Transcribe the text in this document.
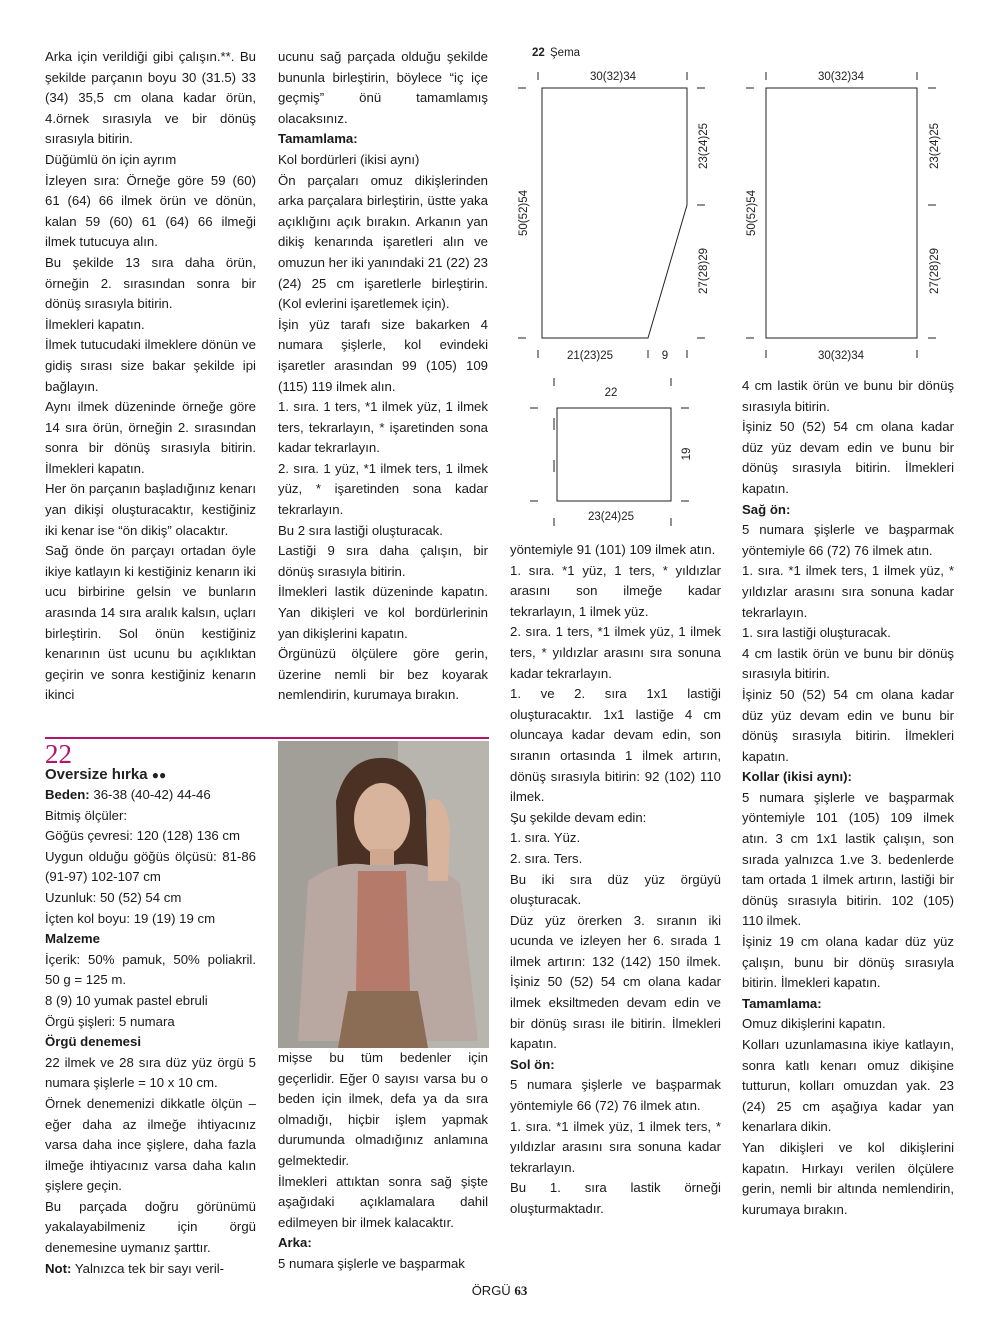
Arka için verildiği gibi çalışın.**. Bu şekilde parçanın boyu 30 (31.5) 33 (34) 35,5 cm olana kadar örün, 4.örnek sırasıyla ve bir dönüş sırasıyla bitirin.

Düğümlü ön için ayrım

İzleyen sıra: Örneğe göre 59 (60) 61 (64) 66 ilmek örün ve dönün, kalan 59 (60) 61 (64) 66 ilmeği ilmek tutucuya alın.

Bu şekilde 13 sıra daha örün, örneğin 2. sırasından sonra bir dönüş sırasıyla bitirin.

İlmekleri kapatın.

İlmek tutucudaki ilmeklere dönün ve gidiş sırası size bakar şekilde ipi bağlayın.

Aynı ilmek düzeninde örneğe göre 14 sıra örün, örneğin 2. sırasından sonra bir dönüş sırasıyla bitirin. İlmekleri kapatın.

Her ön parçanın başladığınız kenarı yan dikişi oluşturacaktır, kestiğiniz iki kenar ise “ön dikiş” olacaktır.

Sağ önde ön parçayı ortadan öyle ikiye katlayın ki kestiğiniz kenarın iki ucu birbirine gelsin ve bunların arasında 14 sıra aralık kalsın, uçları birleştirin. Sol önün kestiğiniz kenarının üst ucunu bu açıklıktan geçirin ve sonra kestiğiniz kenarın ikinci

ucunu sağ parçada olduğu şekilde bununla birleştirin, böylece “iç içe geçmiş” önü tamamlamış olacaksınız.

Tamamlama:

Kol bordürleri (ikisi aynı)

Ön parçaları omuz dikişlerinden arka parçalara birleştirin, üstte yaka açıklığını açık bırakın. Arkanın yan dikiş kenarında işaretleri alın ve omuzun her iki yanındaki 21 (22) 23 (24) 25 cm işaretlerle birleştirin. (Kol evlerini işaretlemek için).

İşin yüz tarafı size bakarken 4 numara şişlerle, kol evindeki işaretler arasından 99 (105) 109 (115) 119 ilmek alın.

1. sıra. 1 ters, *1 ilmek yüz, 1 ilmek ters, tekrarlayın, * işaretinden sona kadar tekrarlayın.

2. sıra. 1 yüz, *1 ilmek ters, 1 ilmek yüz, * işaretinden sona kadar tekrarlayın.

Bu 2 sıra lastiği oluşturacak.

Lastiği 9 sıra daha çalışın, bir dönüş sırasıyla bitirin.

İlmekleri lastik düzeninde kapatın. Yan dikişleri ve kol bordürlerinin yan dikişlerini kapatın.

Örgünüzü ölçülere göre gerin, üzerine nemli bir bez koyarak nemlendirin, kurumaya bırakın.

22 Şema
30(32)34
50(52)54
23(24)25
27(28)29
21(23)25	9
30(32)34
50(52)54
23(24)25
27(28)29
30(32)34
22
19
23(24)25
22
Oversize hırka ●●

Beden: 36-38 (40-42) 44-46

Bitmiş ölçüler:

Göğüs çevresi: 120 (128) 136 cm

Uygun olduğu göğüs ölçüsü: 81-86 (91-97) 102-107 cm

Uzunluk: 50 (52) 54 cm

İçten kol boyu: 19 (19) 19 cm

Malzeme

İçerik: 50% pamuk, 50% poliakril. 50 g = 125 m.

8 (9) 10 yumak pastel ebruli

Örgü şişleri: 5 numara

Örgü denemesi

22 ilmek ve 28 sıra düz yüz örgü 5 numara şişlerle = 10 x 10 cm.

Örnek denemenizi dikkatle ölçün – eğer daha az ilmeğe ihtiyacınız varsa daha ince şişlere, daha fazla ilmeğe ihtiyacınız varsa daha kalın şişlere geçin.

Bu parçada doğru görünümü yakalayabilmeniz için örgü denemesine uymanız şarttır.

Not: Yalnızca tek bir sayı veril-

mişse bu tüm bedenler için geçerlidir. Eğer 0 sayısı varsa bu o beden için ilmek, defa ya da sıra olmadığı, hiçbir işlem yapmak durumunda olmadığınız anlamına gelmektedir.

İlmekleri attıktan sonra sağ şişte aşağıdaki açıklamalara dahil edilmeyen bir ilmek kalacaktır.

Arka:

5 numara şişlerle ve başparmak

yöntemiyle 91 (101) 109 ilmek atın.

1. sıra. *1 yüz, 1 ters, * yıldızlar arasını son ilmeğe kadar tekrarlayın, 1 ilmek yüz.

2. sıra. 1 ters, *1 ilmek yüz, 1 ilmek ters, * yıldızlar arasını sıra sonuna kadar tekrarlayın.

1. ve 2. sıra 1x1 lastiği oluşturacaktır. 1x1 lastiğe 4 cm oluncaya kadar devam edin, son sıranın ortasında 1 ilmek artırın, dönüş sırasıyla bitirin: 92 (102) 110 ilmek.

Şu şekilde devam edin:

1. sıra. Yüz.

2. sıra. Ters.

Bu iki sıra düz yüz örgüyü oluşturacak.

Düz yüz örerken 3. sıranın iki ucunda ve izleyen her 6. sırada 1 ilmek artırın: 132 (142) 150 ilmek. İşiniz 50 (52) 54 cm olana kadar ilmek eksiltmeden devam edin ve bir dönüş sırası ile bitirin. İlmekleri kapatın.

Sol ön:

5 numara şişlerle ve başparmak yöntemiyle 66 (72) 76 ilmek atın.

1. sıra. *1 ilmek yüz, 1 ilmek ters, * yıldızlar arasını sıra sonuna kadar tekrarlayın.

Bu 1. sıra lastik örneği oluşturmaktadır.

4 cm lastik örün ve bunu bir dönüş sırasıyla bitirin.

İşiniz 50 (52) 54 cm olana kadar düz yüz devam edin ve bunu bir dönüş sırasıyla bitirin. İlmekleri kapatın.

Sağ ön:

5 numara şişlerle ve başparmak yöntemiyle 66 (72) 76 ilmek atın.

1. sıra. *1 ilmek ters, 1 ilmek yüz, * yıldızlar arasını sıra sonuna kadar tekrarlayın.

1. sıra lastiği oluşturacak.

4 cm lastik örün ve bunu bir dönüş sırasıyla bitirin.

İşiniz 50 (52) 54 cm olana kadar düz yüz devam edin ve bunu bir dönüş sırasıyla bitirin. İlmekleri kapatın.

Kollar (ikisi aynı):

5 numara şişlerle ve başparmak yöntemiyle 101 (105) 109 ilmek atın. 3 cm 1x1 lastik çalışın, son sırada yalnızca 1.ve 3. bedenlerde tam ortada 1 ilmek artırın, lastiği bir dönüş sırasıyla bitirin. 102 (105) 110 ilmek.

İşiniz 19 cm olana kadar düz yüz çalışın, bunu bir dönüş sırasıyla bitirin. İlmekleri kapatın.

Tamamlama:

Omuz dikişlerini kapatın.

Kolları uzunlamasına ikiye katlayın, sonra katlı kenarı omuz dikişine tutturun, kolları omuzdan yak. 23 (24) 25 cm aşağıya kadar yan kenarlara dikin.

Yan dikişleri ve kol dikişlerini kapatın. Hırkayı verilen ölçülere gerin, nemli bir altında nemlendirin, kurumaya bırakın.

ÖRGÜ 63
